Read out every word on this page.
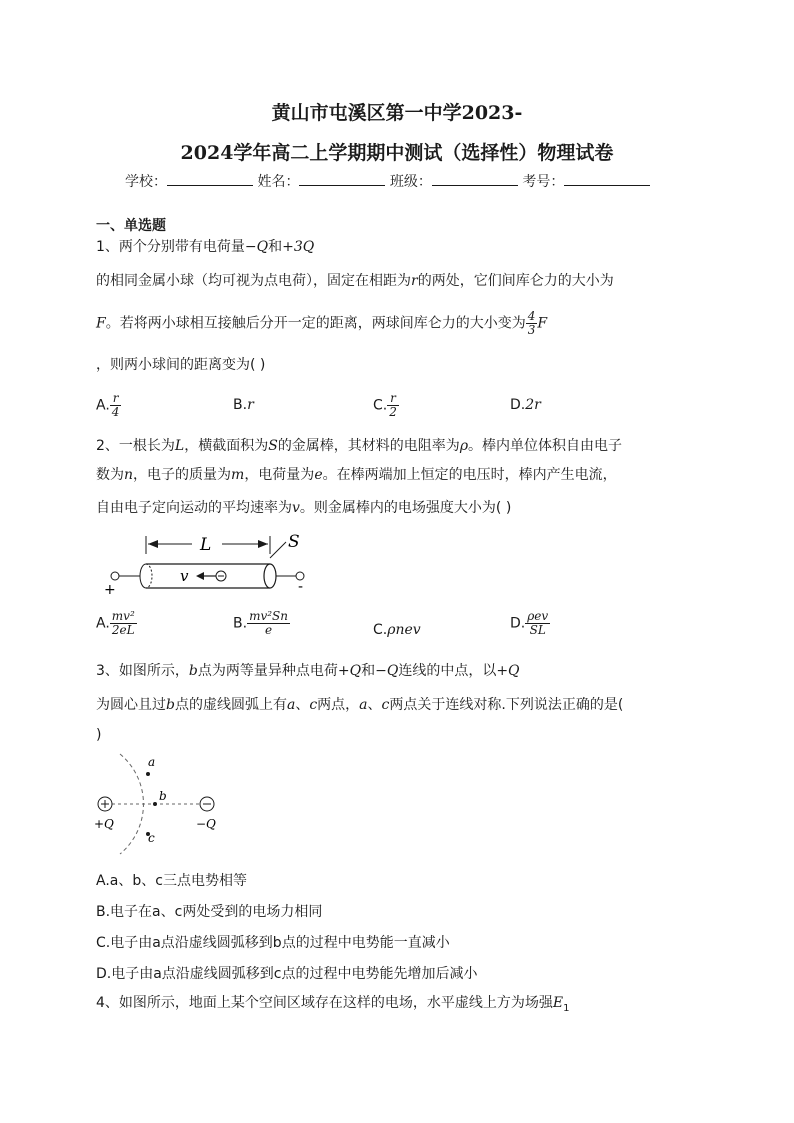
黄山市屯溪区第一中学2023-
2024学年高二上学期期中测试（选择性）物理试卷
学校：	姓名：	班级：	考号：
一、单选题
1、两个分别带有电荷量−Q和+3Q
的相同金属小球（均可视为点电荷），固定在相距为r的两处，它们间库仑力的大小为
F。若将两小球相互接触后分开一定的距离，两球间库仑力的大小变为 $\frac{4}{3}$ F
，则两小球间的距离变为( )
A. $\frac{r}{4}$	B.r	C. $\frac{r}{2}$	D.2r
2、一根长为L，横截面积为S的金属棒，其材料的电阻率为ρ。棒内单位体积自由电子
数为n，电子的质量为m，电荷量为e。在棒两端加上恒定的电压时，棒内产生电流，
自由电子定向运动的平均速率为v。则金属棒内的电场强度大小为( )
L	S
v
+	-
A. $\frac{\text{mv²}}{2eL}$	B. $\frac{\text{mv²Sn}}{e}$	C.ρnev	D. $\frac{\text{ρev}}{SL}$
3、如图所示，b点为两等量异种点电荷+Q和−Q连线的中点，以+Q
为圆心且过b点的虚线圆弧上有a、c两点，a、c两点关于连线对称.下列说法正确的是(
)
a
b
c
+Q	−Q
A.a、b、c三点电势相等
B.电子在a、c两处受到的电场力相同
C.电子由a点沿虚线圆弧移到b点的过程中电势能一直减小
D.电子由a点沿虚线圆弧移到c点的过程中电势能先增加后减小
4、如图所示，地面上某个空间区域存在这样的电场，水平虚线上方为场强$E_1$
